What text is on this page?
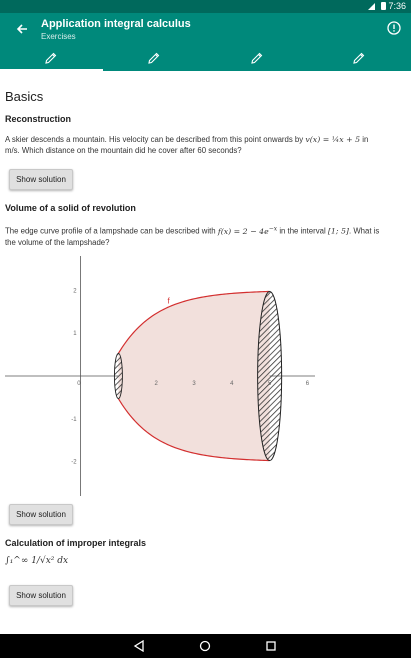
7:36
Application integral calculus
Exercises
Basics
Reconstruction

A skier descends a mountain. His velocity can be described from this point onwards by v(x) = ¼x + 5 in
m/s. Which distance on the mountain did he cover after 60 seconds?

Show solution
Volume of a solid of revolution

The edge curve profile of a lampshade can be described with $f(x) = 2 - 4e^{-x}$ in the interval [1; 5]. What is
the volume of the lampshade?

f
2	3	4	5	6
2
1
0
-1
-2
Show solution
Calculation of improper integrals

∫₁^∞ 1/√x² dx

Show solution
